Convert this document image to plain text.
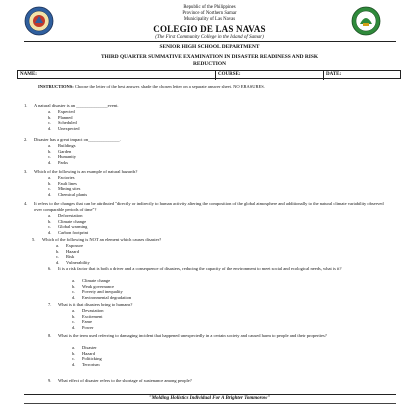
Republic of the Philippines
Province of Northern Samar
Municipality of Las Navas
COLEGIO DE LAS NAVAS
(The First Community College in the Island of Samar)
SENIOR HIGH SCHOOL DEPARTMENT
THIRD QUARTER SUMMATIVE EXAMINATION IN DISASTER READINESS AND RISK
REDUCTION
NAME:	COURSE:	DATE:
INSTRUCTIONS: Choose the letter of the best answer. shade the chosen letter on a separate answer sheet. NO ERASURES.
1. A natural disaster is an ______________event.
a. Expected
b. Planned
c. Scheduled
d. Unexpected
2. Disaster has a great impact on______________.
a. Buildings
b. Garden
c. Humanity
d. Parks
3. Which of the following is an example of natural hazards?
a. Factories
b. Fault lines
c. Mining sites
d. Chemical plants
4. It refers to the changes that can be attributed "directly or indirectly to human activity altering the composition of the global atmosphere and additionally to the natural climate variability observed over comparable periods of time"?
a. Deforestation
b. Climate change
c. Global warming
d. Carbon footprint
5. Which of the following is NOT an element which causes disaster?
a. Exposure
b. Hazard
c. Risk
d. Vulnerability
6. It is a risk factor that is both a driver and a consequence of disasters, reducing the capacity of the environment to meet social and ecological needs, what is it?
a. Climate change
b. Weak governance
c. Poverty and inequality
d. Environmental degradation
7. What is it that disasters bring to humans?
a. Devastation
b. Excitement
c. Fame
d. Power
8. What is the term used referring to damaging incident that happened unexpectedly in a certain society and caused harm to people and their properties?
a. Disaster
b. Hazard
c. Politicking
d. Terrorism
9. What effect of disaster refers to the shortage of sustenance among people?
"Molding Holistics Individual For A Brighter Tommorow"
